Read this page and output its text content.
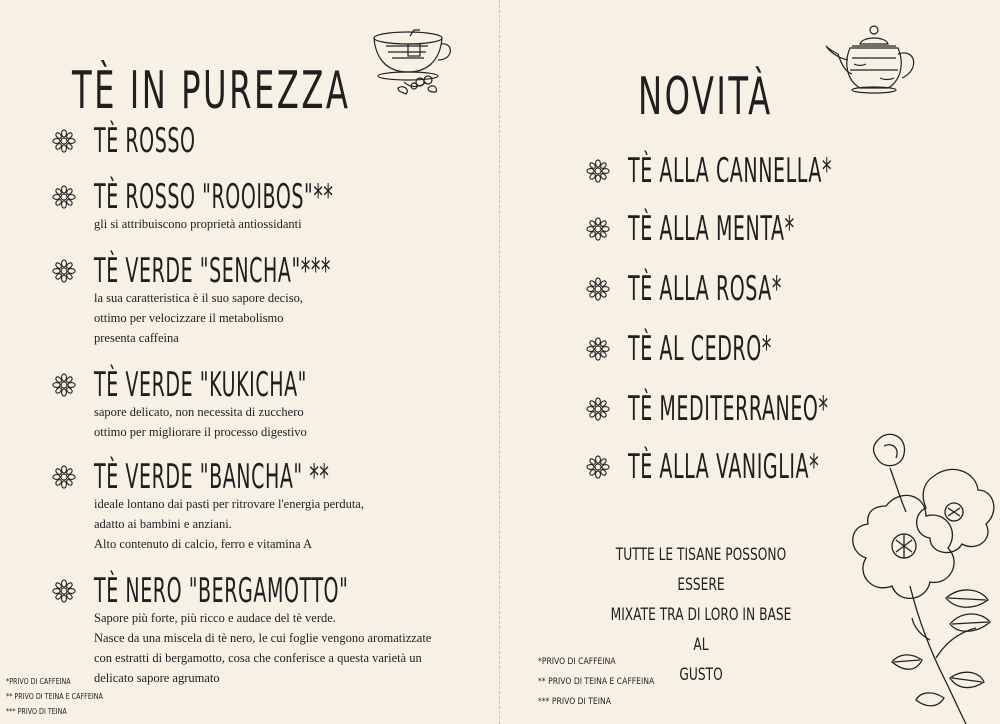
TÈ IN PUREZZA
TÈ ROSSO
TÈ ROSSO "ROOIBOS"**
gli si attribuiscono proprietà antiossidanti
TÈ VERDE "SENCHA"***
la sua caratteristica è il suo sapore deciso,
ottimo per velocizzare il metabolismo
presenta caffeina
TÈ VERDE "KUKICHA"
sapore delicato, non necessita di zucchero
ottimo per migliorare il processo digestivo
TÈ VERDE "BANCHA" **
ideale lontano dai pasti per ritrovare l'energia perduta,
adatto ai bambini e anziani.
Alto contenuto di calcio, ferro e vitamina A
TÈ NERO "BERGAMOTTO"
Sapore più forte, più ricco e audace del tè verde.
Nasce da una miscela di tè nero, le cui foglie vengono aromatizzate
con estratti di bergamotto, cosa che conferisce a questa varietà un
delicato sapore agrumato
*PRIVO DI CAFFEINA
** PRIVO DI TEINA E CAFFEINA
*** PRIVO DI TEINA
NOVITÀ
TÈ ALLA CANNELLA*
TÈ ALLA MENTA*
TÈ ALLA ROSA*
TÈ AL CEDRO*
TÈ MEDITERRANEO*
TÈ ALLA VANIGLIA*
TUTTE LE TISANE POSSONO ESSERE
MIXATE TRA DI LORO IN BASE AL
GUSTO
*PRIVO DI CAFFEINA
** PRIVO DI TEINA E CAFFEINA
*** PRIVO DI TEINA
